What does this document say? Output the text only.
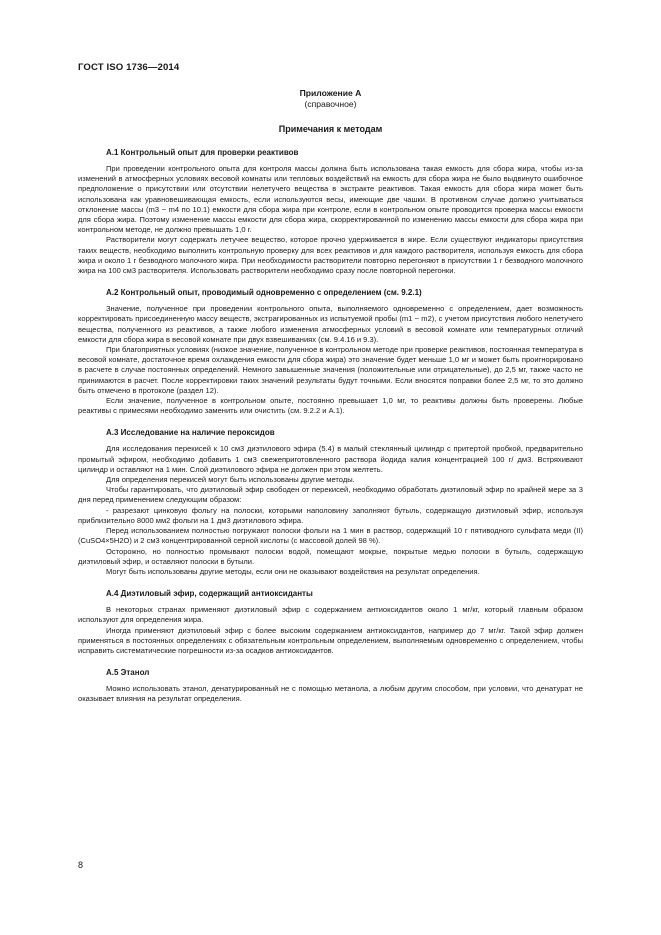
ГОСТ ISO 1736—2014
Приложение A
(справочное)
Примечания к методам
A.1 Контрольный опыт для проверки реактивов

При проведении контрольного опыта для контроля массы должна быть использована такая емкость для сбора жира, чтобы из-за изменений в атмосферных условиях весовой комнаты или тепловых воздействий на емкость для сбора жира не было выдвинуто ошибочное предположение о присутствии или отсутствии нелетучего вещества в экстракте реактивов. Такая емкость для сбора жира может быть использована как уравновешивающая емкость, если используются весы, имеющие две чашки. В противном случае должно учитываться отклонение массы (m3 − m4 по 10.1) емкости для сбора жира при контроле, если в контрольном опыте проводится проверка массы емкости для сбора жира. Поэтому изменение массы емкости для сбора жира, скорректированной по изменению массы емкости для сбора жира при контрольном методе, не должно превышать 1,0 г.

Растворители могут содержать летучее вещество, которое прочно удерживается в жире. Если существуют индикаторы присутствия таких веществ, необходимо выполнить контрольную проверку для всех реактивов и для каждого растворителя, используя емкость для сбора жира и около 1 г безводного молочного жира. При необходимости растворители повторно перегоняют в присутствии 1 г безводного молочного жира на 100 см3 растворителя. Использовать растворители необходимо сразу после повторной перегонки.

A.2 Контрольный опыт, проводимый одновременно с определением (см. 9.2.1)

Значение, полученное при проведении контрольного опыта, выполняемого одновременно с определением, дает возможность корректировать присоединенную массу веществ, экстрагированных из испытуемой пробы (m1 − m2), с учетом присутствия любого нелетучего вещества, полученного из реактивов, а также любого изменения атмосферных условий в весовой комнате или температурных отличий емкости для сбора жира в весовой комнате при двух взвешиваниях (см. 9.4.16 и 9.3).

При благоприятных условиях (низкое значение, полученное в контрольном методе при проверке реактивов, постоянная температура в весовой комнате, достаточное время охлаждения емкости для сбора жира) это значение будет меньше 1,0 мг и может быть проигнорировано в расчете в случае постоянных определений. Немного завышенные значения (положительные или отрицательные), до 2,5 мг, также часто не принимаются в расчет. После корректировки таких значений результаты будут точными. Если вносятся поправки более 2,5 мг, то это должно быть отмечено в протоколе (раздел 12).

Если значение, полученное в контрольном опыте, постоянно превышает 1,0 мг, то реактивы должны быть проверены. Любые реактивы с примесями необходимо заменить или очистить (см. 9.2.2 и A.1).

A.3 Исследование на наличие пероксидов

Для исследования перекисей к 10 см3 диэтилового эфира (5.4) в малый стеклянный цилиндр с притертой пробкой, предварительно промытый эфиром, необходимо добавить 1 см3 свежеприготовленного раствора йодида калия концентрацией 100 г/ дм3. Встряхивают цилиндр и оставляют на 1 мин. Слой диэтилового эфира не должен при этом желтеть.

Для определения перекисей могут быть использованы другие методы.

Чтобы гарантировать, что диэтиловый эфир свободен от перекисей, необходимо обработать диэтиловый эфир по крайней мере за 3 дня перед применением следующим образом:

- разрезают цинковую фольгу на полоски, которыми наполовину заполняют бутыль, содержащую диэтиловый эфир, используя приблизительно 8000 мм2 фольги на 1 дм3 диэтилового эфира.

Перед использованием полностью погружают полоски фольги на 1 мин в раствор, содержащий 10 г пятиводного сульфата меди (II) (CuSO4×5H2O) и 2 см3 концентрированной серной кислоты (с массовой долей 98 %).

Осторожно, но полностью промывают полоски водой, помещают мокрые, покрытые медью полоски в бутыль, содержащую диэтиловый эфир, и оставляют полоски в бутыли.

Могут быть использованы другие методы, если они не оказывают воздействия на результат определения.

A.4 Диэтиловый эфир, содержащий антиоксиданты

В некоторых странах применяют диэтиловый эфир с содержанием антиоксидантов около 1 мг/кг, который главным образом используют для определения жира.

Иногда применяют диэтиловый эфир с более высоким содержанием антиоксидантов, например до 7 мг/кг. Такой эфир должен применяться в постоянных определениях с обязательным контрольным определением, выполняемым одновременно с определением, чтобы исправить систематические погрешности из-за осадков антиоксидантов.

A.5 Этанол

Можно использовать этанол, денатурированный не с помощью метанола, а любым другим способом, при условии, что денатурат не оказывает влияния на результат определения.

8
